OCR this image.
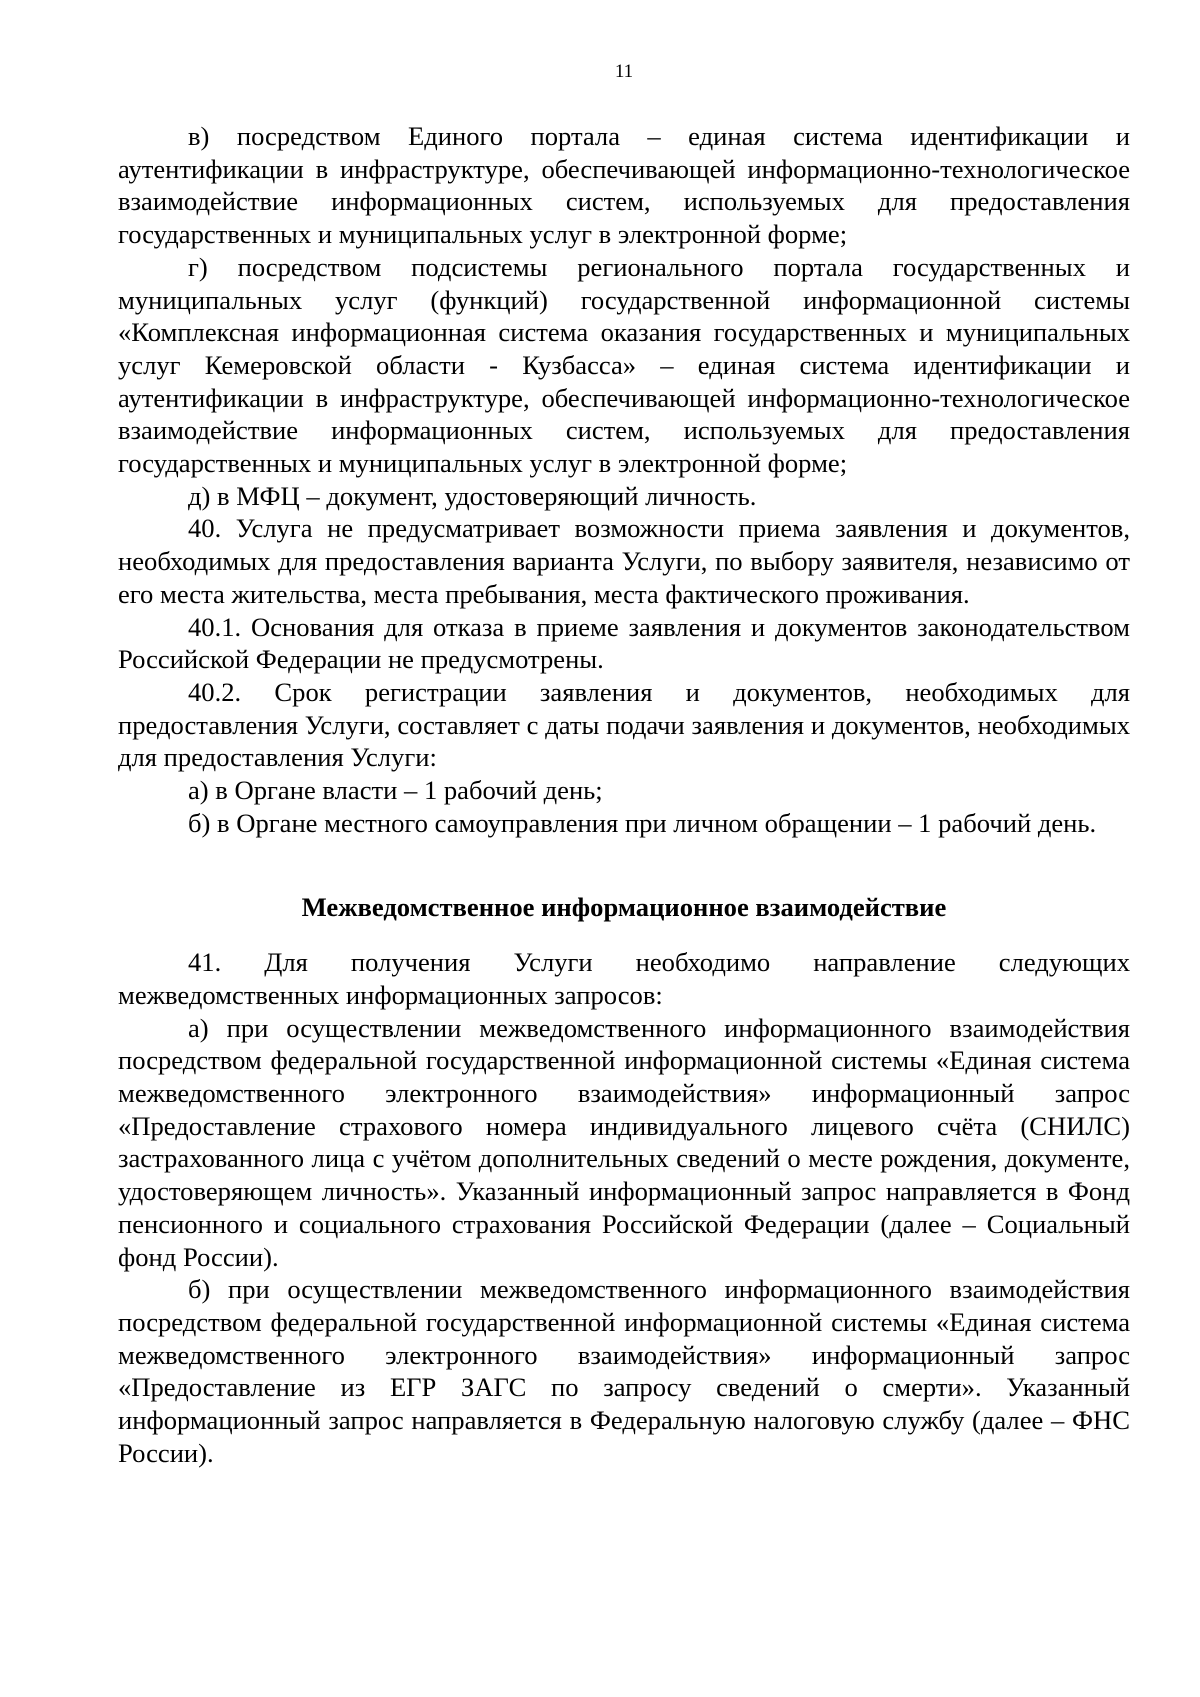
11

в) посредством Единого портала – единая система идентификации и аутентификации в инфраструктуре, обеспечивающей информационно-технологическое взаимодействие информационных систем, используемых для предоставления государственных и муниципальных услуг в электронной форме;

г) посредством подсистемы регионального портала государственных и муниципальных услуг (функций) государственной информационной системы «Комплексная информационная система оказания государственных и муниципальных услуг Кемеровской области - Кузбасса» – единая система идентификации и аутентификации в инфраструктуре, обеспечивающей информационно-технологическое взаимодействие информационных систем, используемых для предоставления государственных и муниципальных услуг в электронной форме;

д) в МФЦ – документ, удостоверяющий личность.

40. Услуга не предусматривает возможности приема заявления и документов, необходимых для предоставления варианта Услуги, по выбору заявителя, независимо от его места жительства, места пребывания, места фактического проживания.

40.1. Основания для отказа в приеме заявления и документов законодательством Российской Федерации не предусмотрены.

40.2. Срок регистрации заявления и документов, необходимых для предоставления Услуги, составляет с даты подачи заявления и документов, необходимых для предоставления Услуги:

а) в Органе власти – 1 рабочий день;

б) в Органе местного самоуправления при личном обращении – 1 рабочий день.

Межведомственное информационное взаимодействие

41. Для получения Услуги необходимо направление следующих межведомственных информационных запросов:

а) при осуществлении межведомственного информационного взаимодействия посредством федеральной государственной информационной системы «Единая система межведомственного электронного взаимодействия» информационный запрос «Предоставление страхового номера индивидуального лицевого счёта (СНИЛС) застрахованного лица с учётом дополнительных сведений о месте рождения, документе, удостоверяющем личность». Указанный информационный запрос направляется в Фонд пенсионного и социального страхования Российской Федерации (далее – Социальный фонд России).

б) при осуществлении межведомственного информационного взаимодействия посредством федеральной государственной информационной системы «Единая система межведомственного электронного взаимодействия» информационный запрос «Предоставление из ЕГР ЗАГС по запросу сведений о смерти». Указанный информационный запрос направляется в Федеральную налоговую службу (далее – ФНС России).
